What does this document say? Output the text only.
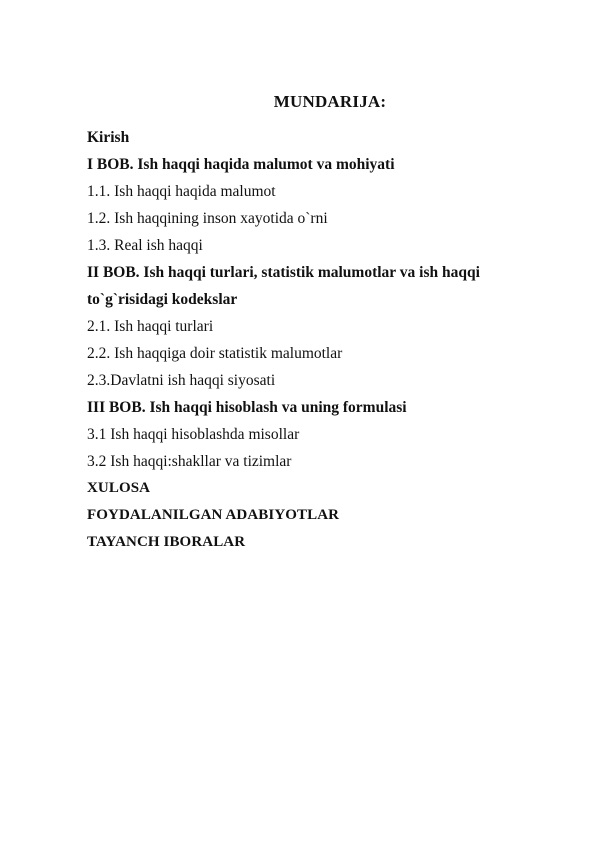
MUNDARIJA:
Kirish
I BOB. Ish haqqi haqida malumot va mohiyati
1.1. Ish haqqi haqida malumot
1.2. Ish haqqining inson xayotida o`rni
1.3. Real ish haqqi
II BOB. Ish haqqi turlari, statistik malumotlar va ish haqqi
to`g`risidagi kodekslar
2.1. Ish haqqi turlari
2.2. Ish haqqiga doir statistik malumotlar
2.3.Davlatni ish haqqi siyosati
III BOB. Ish haqqi hisoblash va uning formulasi
3.1 Ish haqqi hisoblashda misollar
3.2 Ish haqqi:shakllar va tizimlar
XULOSA
FOYDALANILGAN ADABIYOTLAR
TAYANCH IBORALAR
